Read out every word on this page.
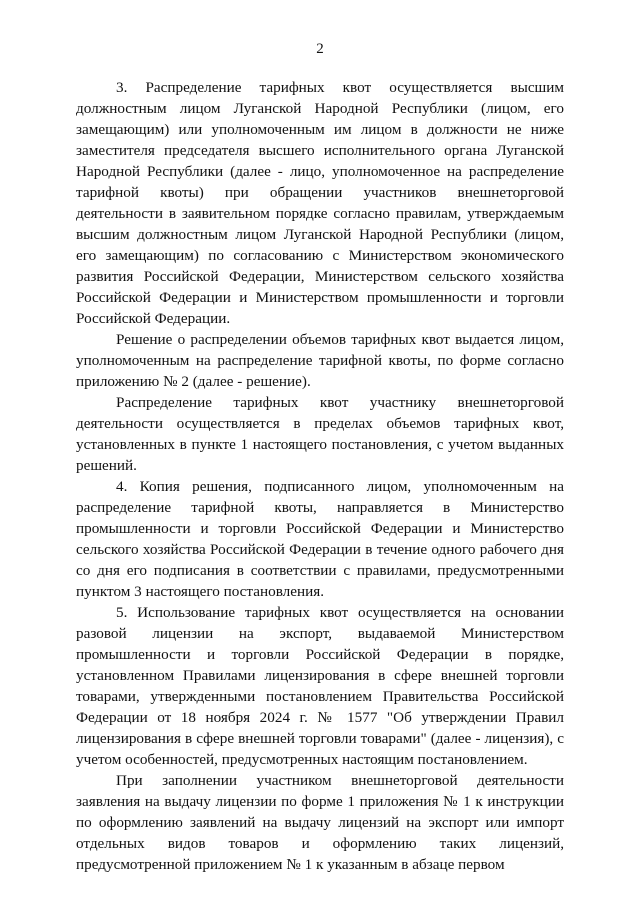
2

3. Распределение тарифных квот осуществляется высшим должностным лицом Луганской Народной Республики (лицом, его замещающим) или уполномоченным им лицом в должности не ниже заместителя председателя высшего исполнительного органа Луганской Народной Республики (далее - лицо, уполномоченное на распределение тарифной квоты) при обращении участников внешнеторговой деятельности в заявительном порядке согласно правилам, утверждаемым высшим должностным лицом Луганской Народной Республики (лицом, его замещающим) по согласованию с Министерством экономического развития Российской Федерации, Министерством сельского хозяйства Российской Федерации и Министерством промышленности и торговли Российской Федерации.

Решение о распределении объемов тарифных квот выдается лицом, уполномоченным на распределение тарифной квоты, по форме согласно приложению № 2 (далее - решение).

Распределение тарифных квот участнику внешнеторговой деятельности осуществляется в пределах объемов тарифных квот, установленных в пункте 1 настоящего постановления, с учетом выданных решений.

4. Копия решения, подписанного лицом, уполномоченным на распределение тарифной квоты, направляется в Министерство промышленности и торговли Российской Федерации и Министерство сельского хозяйства Российской Федерации в течение одного рабочего дня со дня его подписания в соответствии с правилами, предусмотренными пунктом 3 настоящего постановления.

5. Использование тарифных квот осуществляется на основании разовой лицензии на экспорт, выдаваемой Министерством промышленности и торговли Российской Федерации в порядке, установленном Правилами лицензирования в сфере внешней торговли товарами, утвержденными постановлением Правительства Российской Федерации от 18 ноября 2024 г. № 1577 "Об утверждении Правил лицензирования в сфере внешней торговли товарами" (далее - лицензия), с учетом особенностей, предусмотренных настоящим постановлением.

При заполнении участником внешнеторговой деятельности заявления на выдачу лицензии по форме 1 приложения № 1 к инструкции по оформлению заявлений на выдачу лицензий на экспорт или импорт отдельных видов товаров и оформлению таких лицензий, предусмотренной приложением № 1 к указанным в абзаце первом
